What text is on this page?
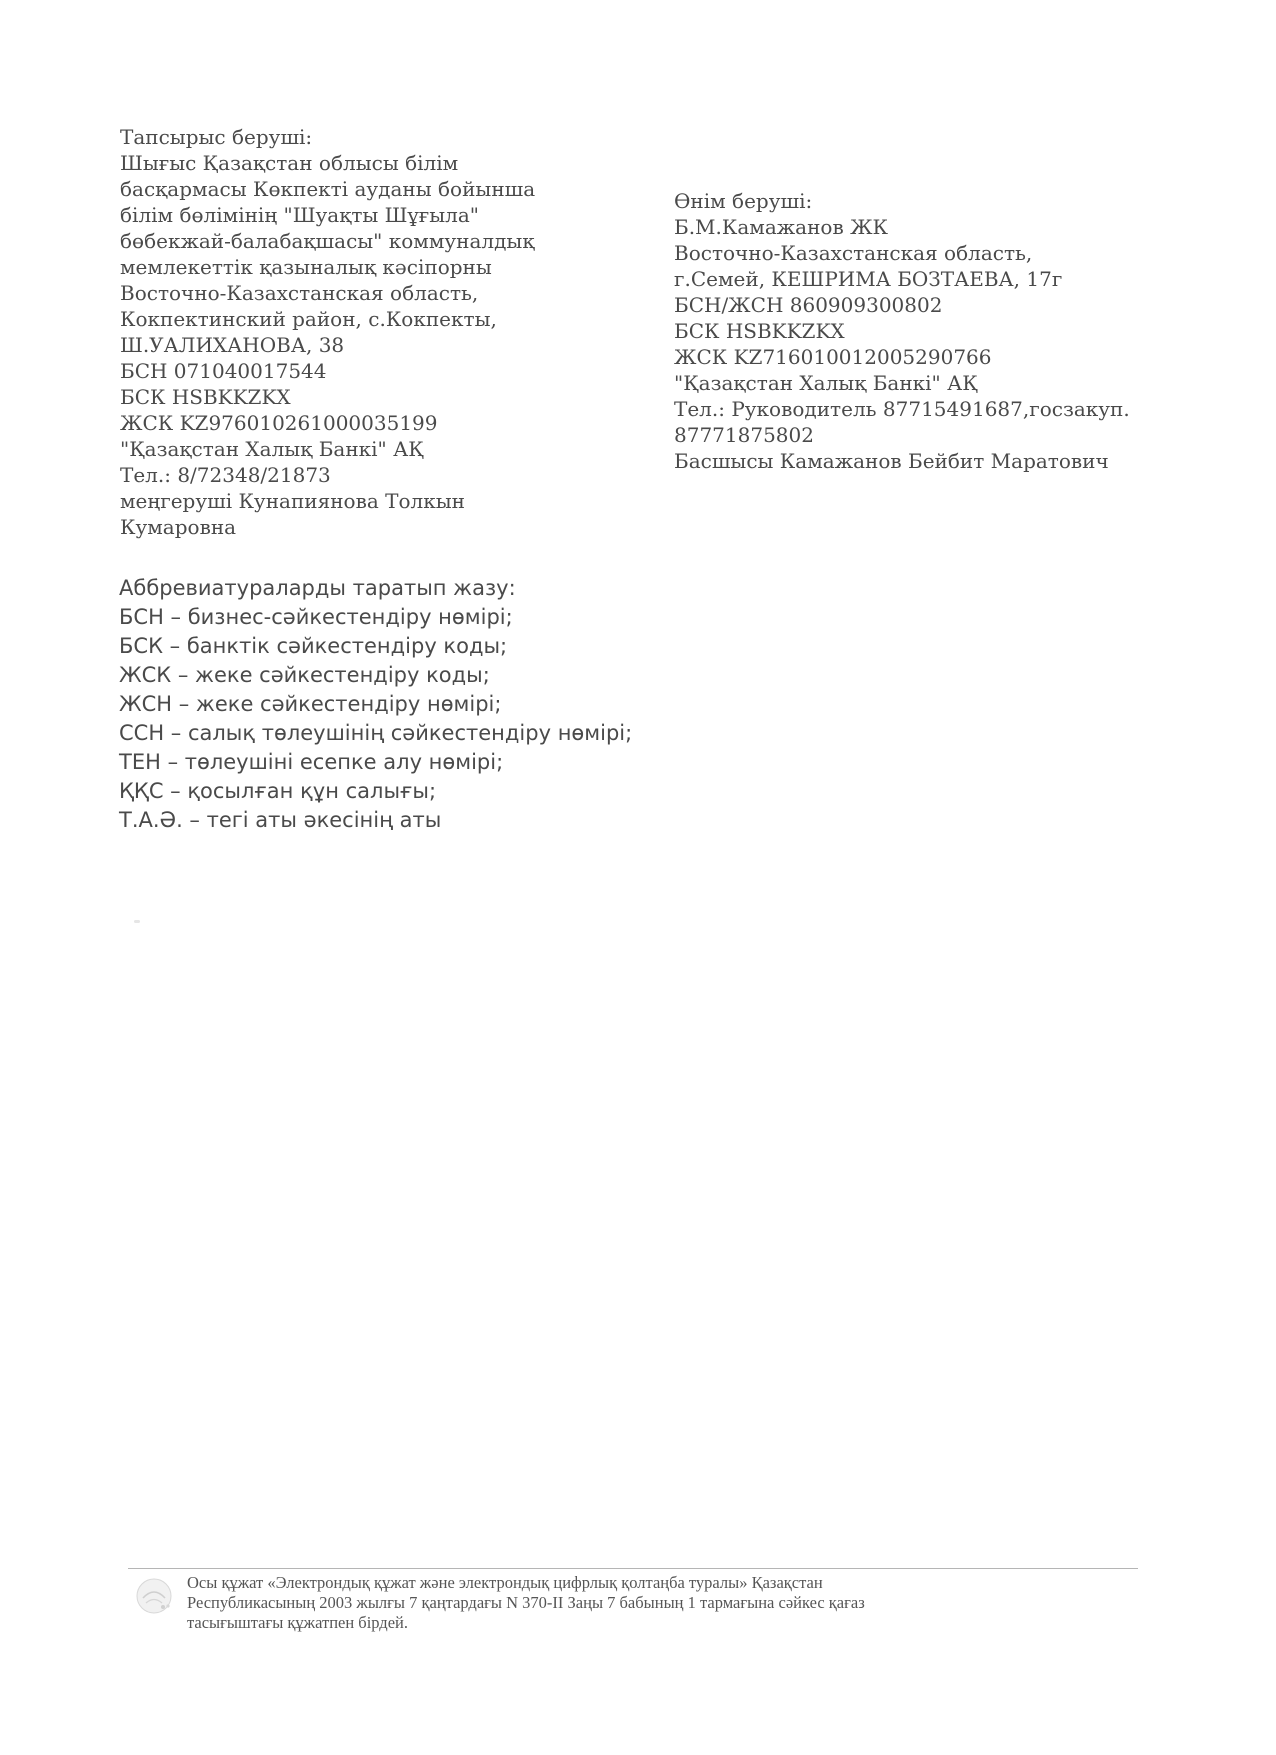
Тапсырыс беруші:
Шығыс Қазақстан облысы білім
басқармасы Көкпекті ауданы бойынша
білім бөлімінің "Шуақты Шұғыла"
бөбекжай-балабақшасы" коммуналдық
мемлекеттік қазыналық кәсіпорны
Восточно-Казахстанская область,
Кокпектинский район, с.Кокпекты,
Ш.УАЛИХАНОВА, 38
БСН 071040017544
БСК HSBKKZKX
ЖСК KZ976010261000035199
"Қазақстан Халық Банкі" АҚ
Тел.: 8/72348/21873
меңгеруші Кунапиянова Толкын
Кумаровна
Өнім беруші:
Б.М.Камажанов ЖК
Восточно-Казахстанская область,
г.Семей, КЕШРИМА БОЗТАЕВА, 17г
БСН/ЖСН 860909300802
БСК HSBKKZKX
ЖСК KZ716010012005290766
"Қазақстан Халық Банкі" АҚ
Тел.: Руководитель 87715491687,госзакуп.
87771875802
Басшысы Камажанов Бейбит Маратович
Аббревиатураларды таратып жазу:
БСН – бизнес-сәйкестендіру нөмірі;
БСК – банктік сәйкестендіру коды;
ЖСК – жеке сәйкестендіру коды;
ЖСН – жеке сәйкестендіру нөмірі;
ССН – салық төлеушінің сәйкестендіру нөмірі;
ТЕН – төлеушіні есепке алу нөмірі;
ҚҚС – қосылған құн салығы;
Т.А.Ә. – тегі аты әкесінің аты
Осы құжат «Электрондық құжат және электрондық цифрлық қолтаңба туралы» Қазақстан
Республикасының 2003 жылғы 7 қаңтардағы N 370-II Заңы 7 бабының 1 тармағына сәйкес қағаз
тасығыштағы құжатпен бірдей.
